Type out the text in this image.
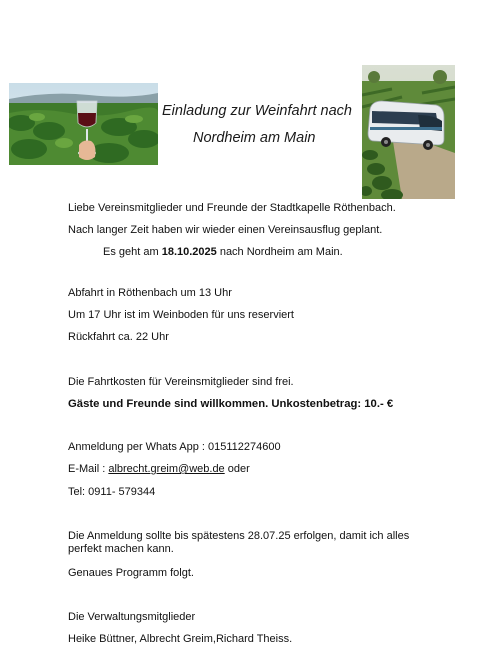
Einladung zur Weinfahrt nach
Nordheim am Main
Liebe Vereinsmitglieder und Freunde der Stadtkapelle Röthenbach.
Nach langer Zeit haben wir wieder einen Vereinsausflug geplant.
Es geht am 18.10.2025 nach Nordheim am Main.
Abfahrt in Röthenbach um 13 Uhr
Um 17 Uhr ist im Weinboden für uns reserviert
Rückfahrt ca. 22 Uhr
Die Fahrtkosten für Vereinsmitglieder sind frei.
Gäste und Freunde sind willkommen. Unkostenbetrag: 10.- €
Anmeldung per Whats App : 015112274600
E-Mail : albrecht.greim@web.de oder
Tel: 0911- 579344
Die Anmeldung sollte bis spätestens 28.07.25 erfolgen, damit ich alles perfekt machen kann.
Genaues Programm folgt.
Die Verwaltungsmitglieder
Heike Büttner, Albrecht Greim,Richard Theiss.
